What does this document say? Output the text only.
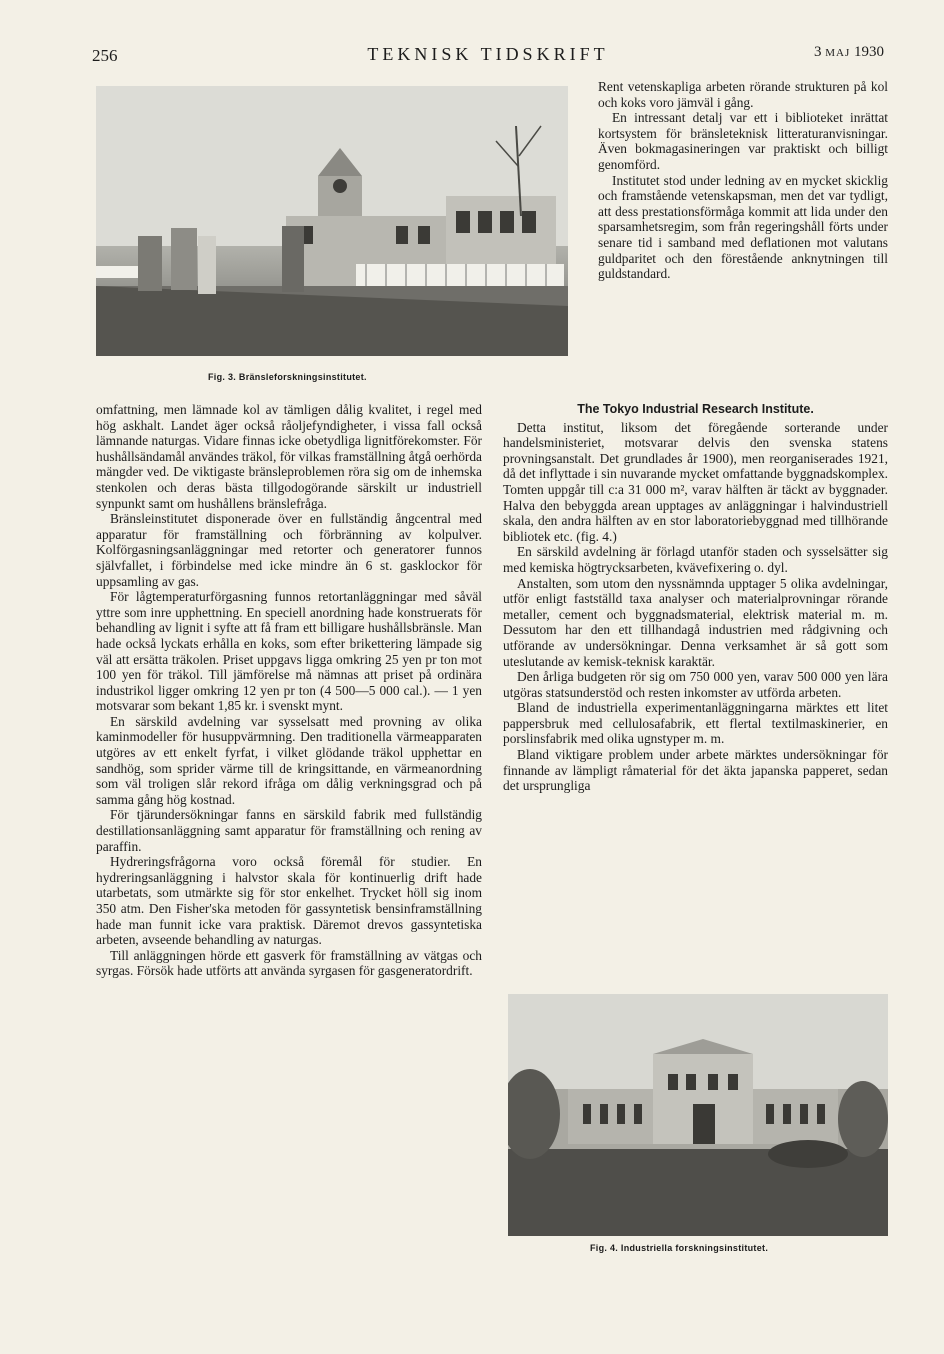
256	TEKNISK TIDSKRIFT	3 MAJ 1930
Fig. 3. Bränsleforskningsinstitutet.

Rent vetenskapliga arbeten rörande strukturen på kol och koks voro jämväl i gång.

En intressant detalj var ett i biblioteket inrättat kortsystem för bränsleteknisk litteraturanvisningar. Även bokmagasineringen var praktiskt och billigt genomförd.

Institutet stod under ledning av en mycket skicklig och framstående vetenskapsman, men det var tydligt, att dess prestationsförmåga kommit att lida under den sparsamhetsregim, som från regeringshåll förts under senare tid i samband med deflationen mot valutans guldparitet och den förestående anknytningen till guldstandard.

omfattning, men lämnade kol av tämligen dålig kvalitet, i regel med hög askhalt. Landet äger också råoljefyndigheter, i vissa fall också lämnande naturgas. Vidare finnas icke obetydliga lignitförekomster. För hushållsändamål användes träkol, för vilkas framställning åtgå oerhörda mängder ved. De viktigaste bränsleproblemen röra sig om de inhemska stenkolen och deras bästa tillgodogörande särskilt ur industriell synpunkt samt om hushållens bränslefråga.

Bränsleinstitutet disponerade över en fullständig ångcentral med apparatur för framställning och förbränning av kolpulver. Kolförgasningsanläggningar med retorter och generatorer funnos självfallet, i förbindelse med icke mindre än 6 st. gasklockor för uppsamling av gas.

För lågtemperaturförgasning funnos retortanläggningar med såväl yttre som inre upphettning. En speciell anordning hade konstruerats för behandling av lignit i syfte att få fram ett billigare hushållsbränsle. Man hade också lyckats erhålla en koks, som efter brikettering lämpade sig väl att ersätta träkolen. Priset uppgavs ligga omkring 25 yen pr ton mot 100 yen för träkol. Till jämförelse må nämnas att priset på ordinära industrikol ligger omkring 12 yen pr ton (4 500—5 000 cal.). — 1 yen motsvarar som bekant 1,85 kr. i svenskt mynt.

En särskild avdelning var sysselsatt med provning av olika kaminmodeller för husuppvärmning. Den traditionella värmeapparaten utgöres av ett enkelt fyrfat, i vilket glödande träkol upphettar en sandhög, som sprider värme till de kringsittande, en värmeanordning som väl troligen slår rekord ifråga om dålig verkningsgrad och på samma gång hög kostnad.

För tjärundersökningar fanns en särskild fabrik med fullständig destillationsanläggning samt apparatur för framställning och rening av paraffin.

Hydreringsfrågorna voro också föremål för studier. En hydreringsanläggning i halvstor skala för kontinuerlig drift hade utarbetats, som utmärkte sig för stor enkelhet. Trycket höll sig inom 350 atm. Den Fisher'ska metoden för gassyntetisk bensinframställning hade man funnit icke vara praktisk. Däremot drevos gassyntetiska arbeten, avseende behandling av naturgas.

Till anläggningen hörde ett gasverk för framställning av vätgas och syrgas. Försök hade utförts att använda syrgasen för gasgeneratordrift.

The Tokyo Industrial Research Institute.

Detta institut, liksom det föregående sorterande under handelsministeriet, motsvarar delvis den svenska statens provningsanstalt. Det grundlades år 1900), men reorganiserades 1921, då det inflyttade i sin nuvarande mycket omfattande byggnadskomplex. Tomten uppgår till c:a 31 000 m², varav hälften är täckt av byggnader. Halva den bebyggda arean upptages av anläggningar i halvindustriell skala, den andra hälften av en stor laboratoriebyggnad med tillhörande bibliotek etc. (fig. 4.)

En särskild avdelning är förlagd utanför staden och sysselsätter sig med kemiska högtrycksarbeten, kvävefixering o. dyl.

Anstalten, som utom den nyssnämnda upptager 5 olika avdelningar, utför enligt fastställd taxa analyser och materialprovningar rörande metaller, cement och byggnadsmaterial, elektrisk material m. m. Dessutom har den ett tillhandagå industrien med rådgivning och utförande av undersökningar. Denna verksamhet är så gott som uteslutande av kemisk-teknisk karaktär.

Den årliga budgeten rör sig om 750 000 yen, varav 500 000 yen lära utgöras statsunderstöd och resten inkomster av utförda arbeten.

Bland de industriella experimentanläggningarna märktes ett litet pappersbruk med cellulosafabrik, ett flertal textilmaskinerier, en porslinsfabrik med olika ugnstyper m. m.

Bland viktigare problem under arbete märktes undersökningar för finnande av lämpligt råmaterial för det äkta japanska papperet, sedan det ursprungliga

Fig. 4. Industriella forskningsinstitutet.
